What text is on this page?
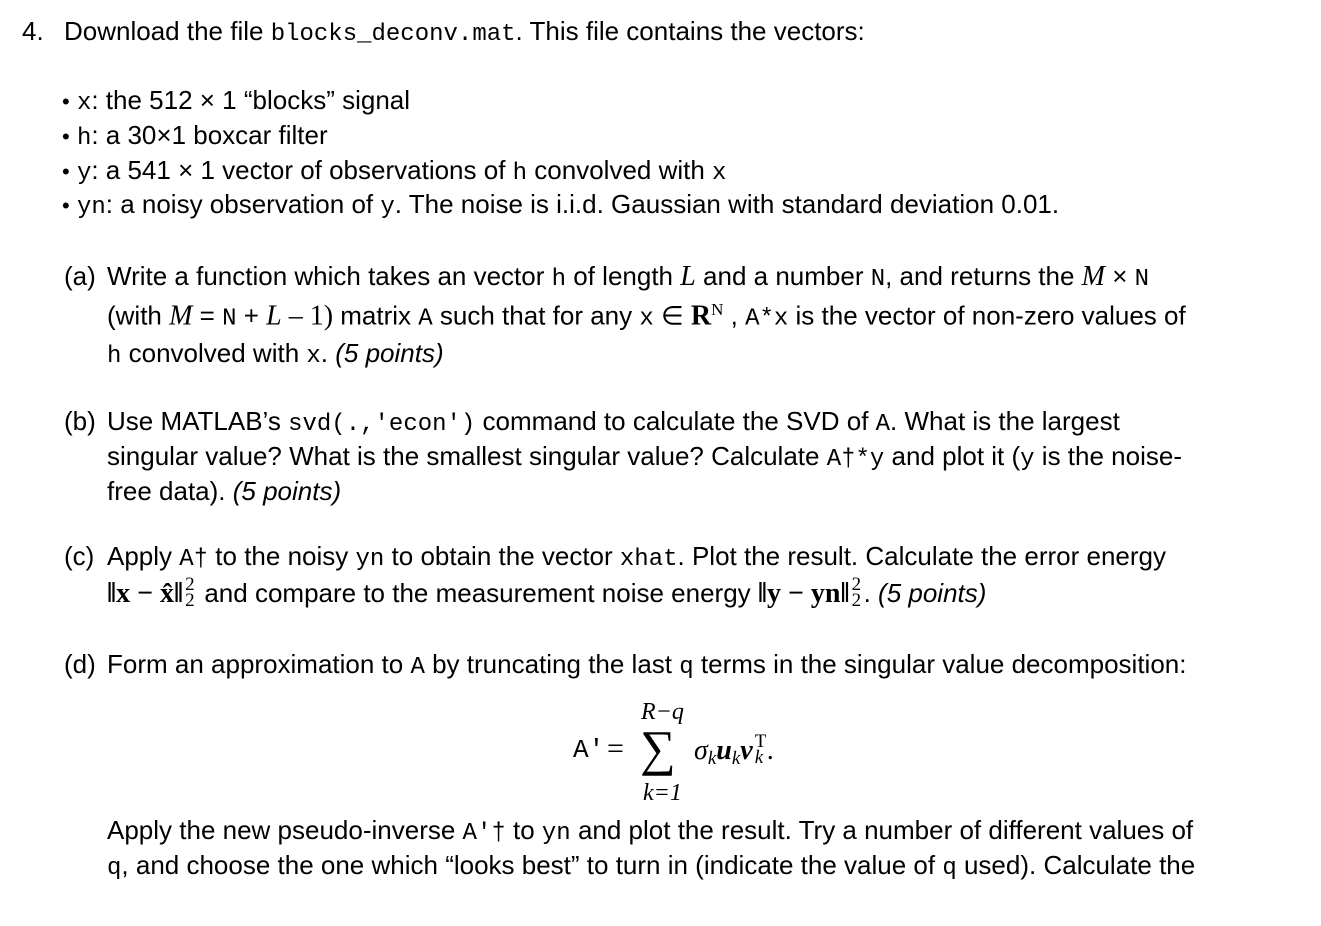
4. Download the file blocks_deconv.mat. This file contains the vectors:
• x: the 512 × 1 “blocks” signal
• h: a 30×1 boxcar filter
• y: a 541 × 1 vector of observations of h convolved with x
• yn: a noisy observation of y. The noise is i.i.d. Gaussian with standard deviation 0.01.
(a) Write a function which takes an vector h of length L and a number N, and returns the M × N
(with M = N + L – 1) matrix A such that for any x ∈ $R^N$ , A*x is the vector of non-zero values of
h convolved with x. (5 points)
(b) Use MATLAB’s svd(.,'econ') command to calculate the SVD of A. What is the largest
singular value? What is the smallest singular value? Calculate A†*y and plot it (y is the noise-
free data). (5 points)
(c) Apply A† to the noisy yn to obtain the vector xhat. Plot the result. Calculate the error energy
‖x − x̂‖ 2
2 and compare to the measurement noise energy ‖y − yn‖ 2
2 . (5 points)
(d) Form an approximation to A by truncating the last q terms in the singular value decomposition:
R−q
A′ = ∑ σkukv T
k .
k=1
Apply the new pseudo-inverse A'† to yn and plot the result. Try a number of different values of
q, and choose the one which “looks best” to turn in (indicate the value of q used). Calculate the
